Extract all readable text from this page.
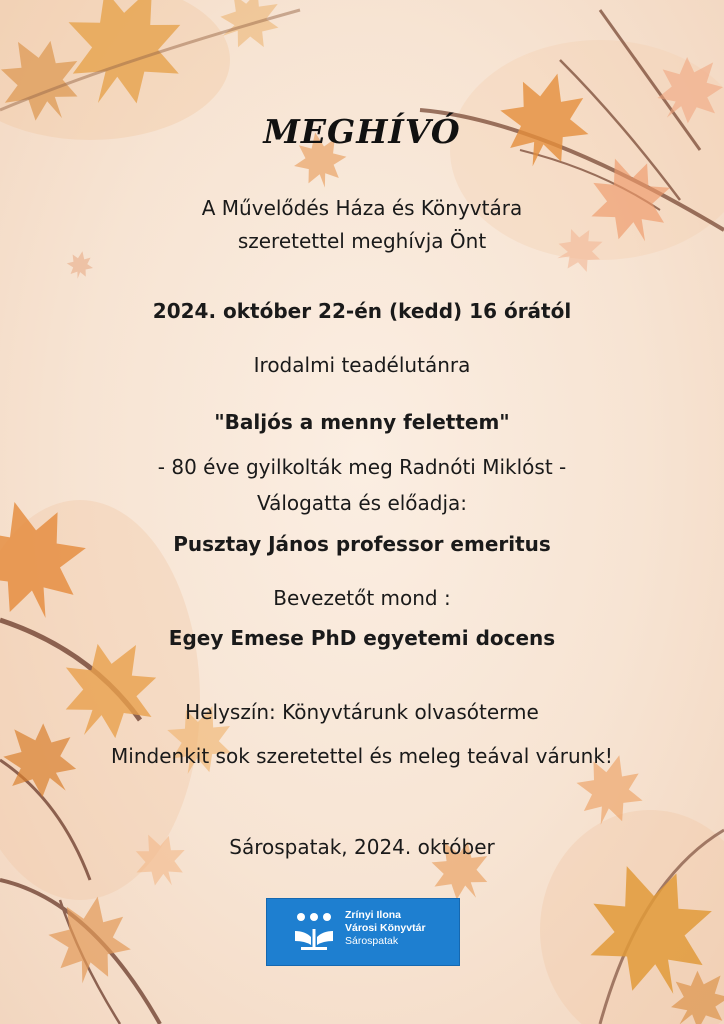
MEGHÍVÓ
A Művelődés Háza és Könyvtára
szeretettel meghívja Önt
2024. október 22-én (kedd) 16 órától
Irodalmi teadélutánra
"Baljós a menny felettem"
- 80 éve gyilkolták meg Radnóti Miklóst -
Válogatta és előadja:
Pusztay János professor emeritus
Bevezetőt mond :
Egey Emese PhD egyetemi docens
Helyszín: Könyvtárunk olvasóterme
Mindenkit sok szeretettel és meleg teával várunk!
Sárospatak, 2024. október
Zrínyi Ilona
Városi Könyvtár
Sárospatak
